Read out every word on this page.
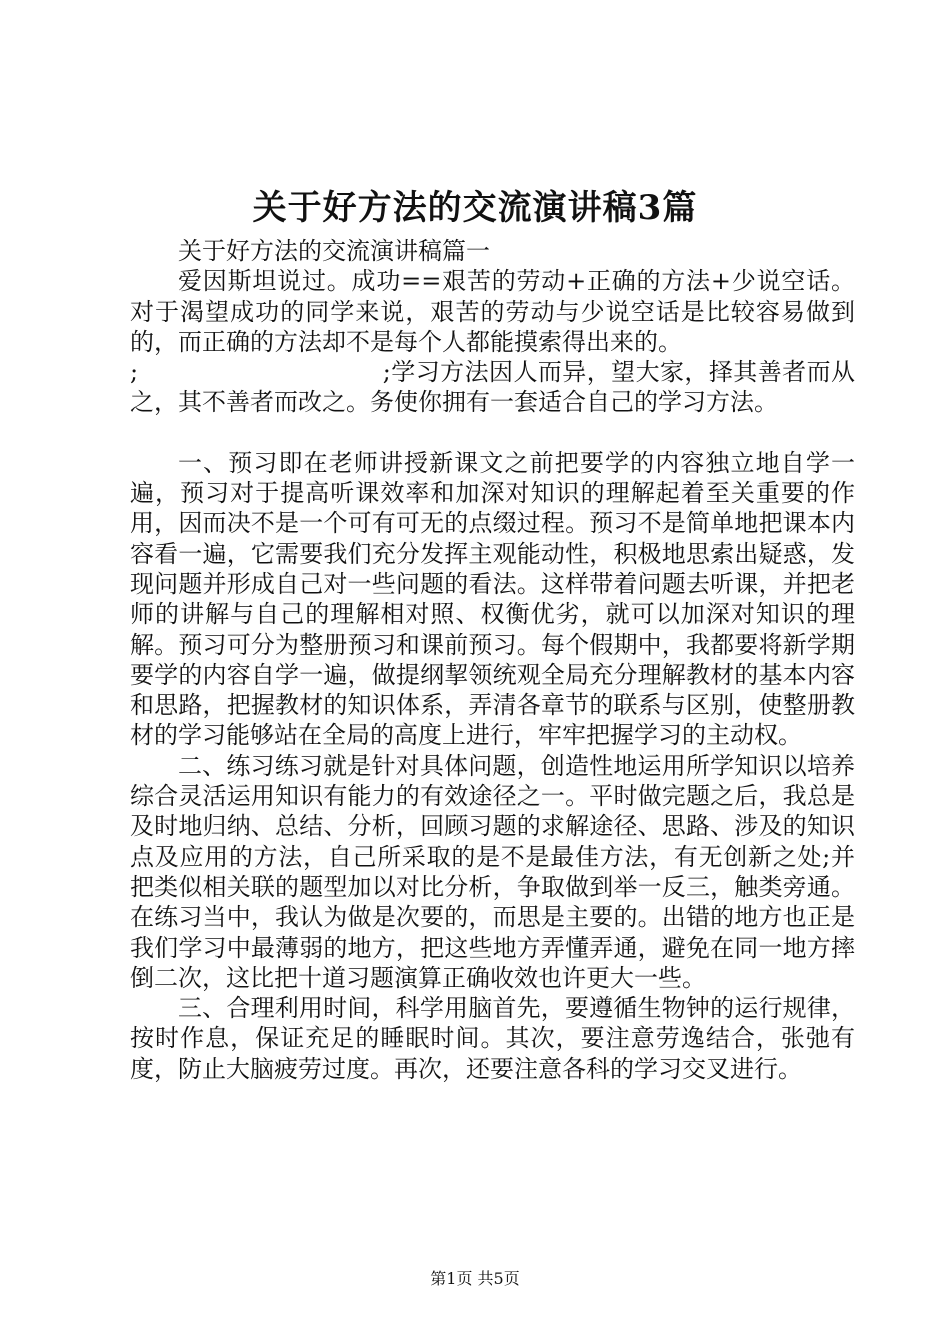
关于好方法的交流演讲稿3篇

关于好方法的交流演讲稿篇一

爱因斯坦说过。成功==艰苦的劳动+正确的方法+少说空话。对于渴望成功的同学来说，艰苦的劳动与少说空话是比较容易做到的，而正确的方法却不是每个人都能摸索得出来的。

;　　　　　　　　　　;学习方法因人而异，望大家，择其善者而从之，其不善者而改之。务使你拥有一套适合自己的学习方法。

一、预习即在老师讲授新课文之前把要学的内容独立地自学一遍，预习对于提高听课效率和加深对知识的理解起着至关重要的作用，因而决不是一个可有可无的点缀过程。预习不是简单地把课本内容看一遍，它需要我们充分发挥主观能动性，积极地思索出疑惑，发现问题并形成自己对一些问题的看法。这样带着问题去听课，并把老师的讲解与自己的理解相对照、权衡优劣，就可以加深对知识的理解。预习可分为整册预习和课前预习。每个假期中，我都要将新学期要学的内容自学一遍，做提纲挈领统观全局充分理解教材的基本内容和思路，把握教材的知识体系，弄清各章节的联系与区别，使整册教材的学习能够站在全局的高度上进行，牢牢把握学习的主动权。

二、练习练习就是针对具体问题，创造性地运用所学知识以培养综合灵活运用知识有能力的有效途径之一。平时做完题之后，我总是及时地归纳、总结、分析，回顾习题的求解途径、思路、涉及的知识点及应用的方法，自己所采取的是不是最佳方法，有无创新之处;并把类似相关联的题型加以对比分析，争取做到举一反三，触类旁通。在练习当中，我认为做是次要的，而思是主要的。出错的地方也正是我们学习中最薄弱的地方，把这些地方弄懂弄通，避免在同一地方摔倒二次，这比把十道习题演算正确收效也许更大一些。

三、合理利用时间，科学用脑首先，要遵循生物钟的运行规律，按时作息，保证充足的睡眠时间。其次，要注意劳逸结合，张弛有度，防止大脑疲劳过度。再次，还要注意各科的学习交叉进行。

第1页 共5页
